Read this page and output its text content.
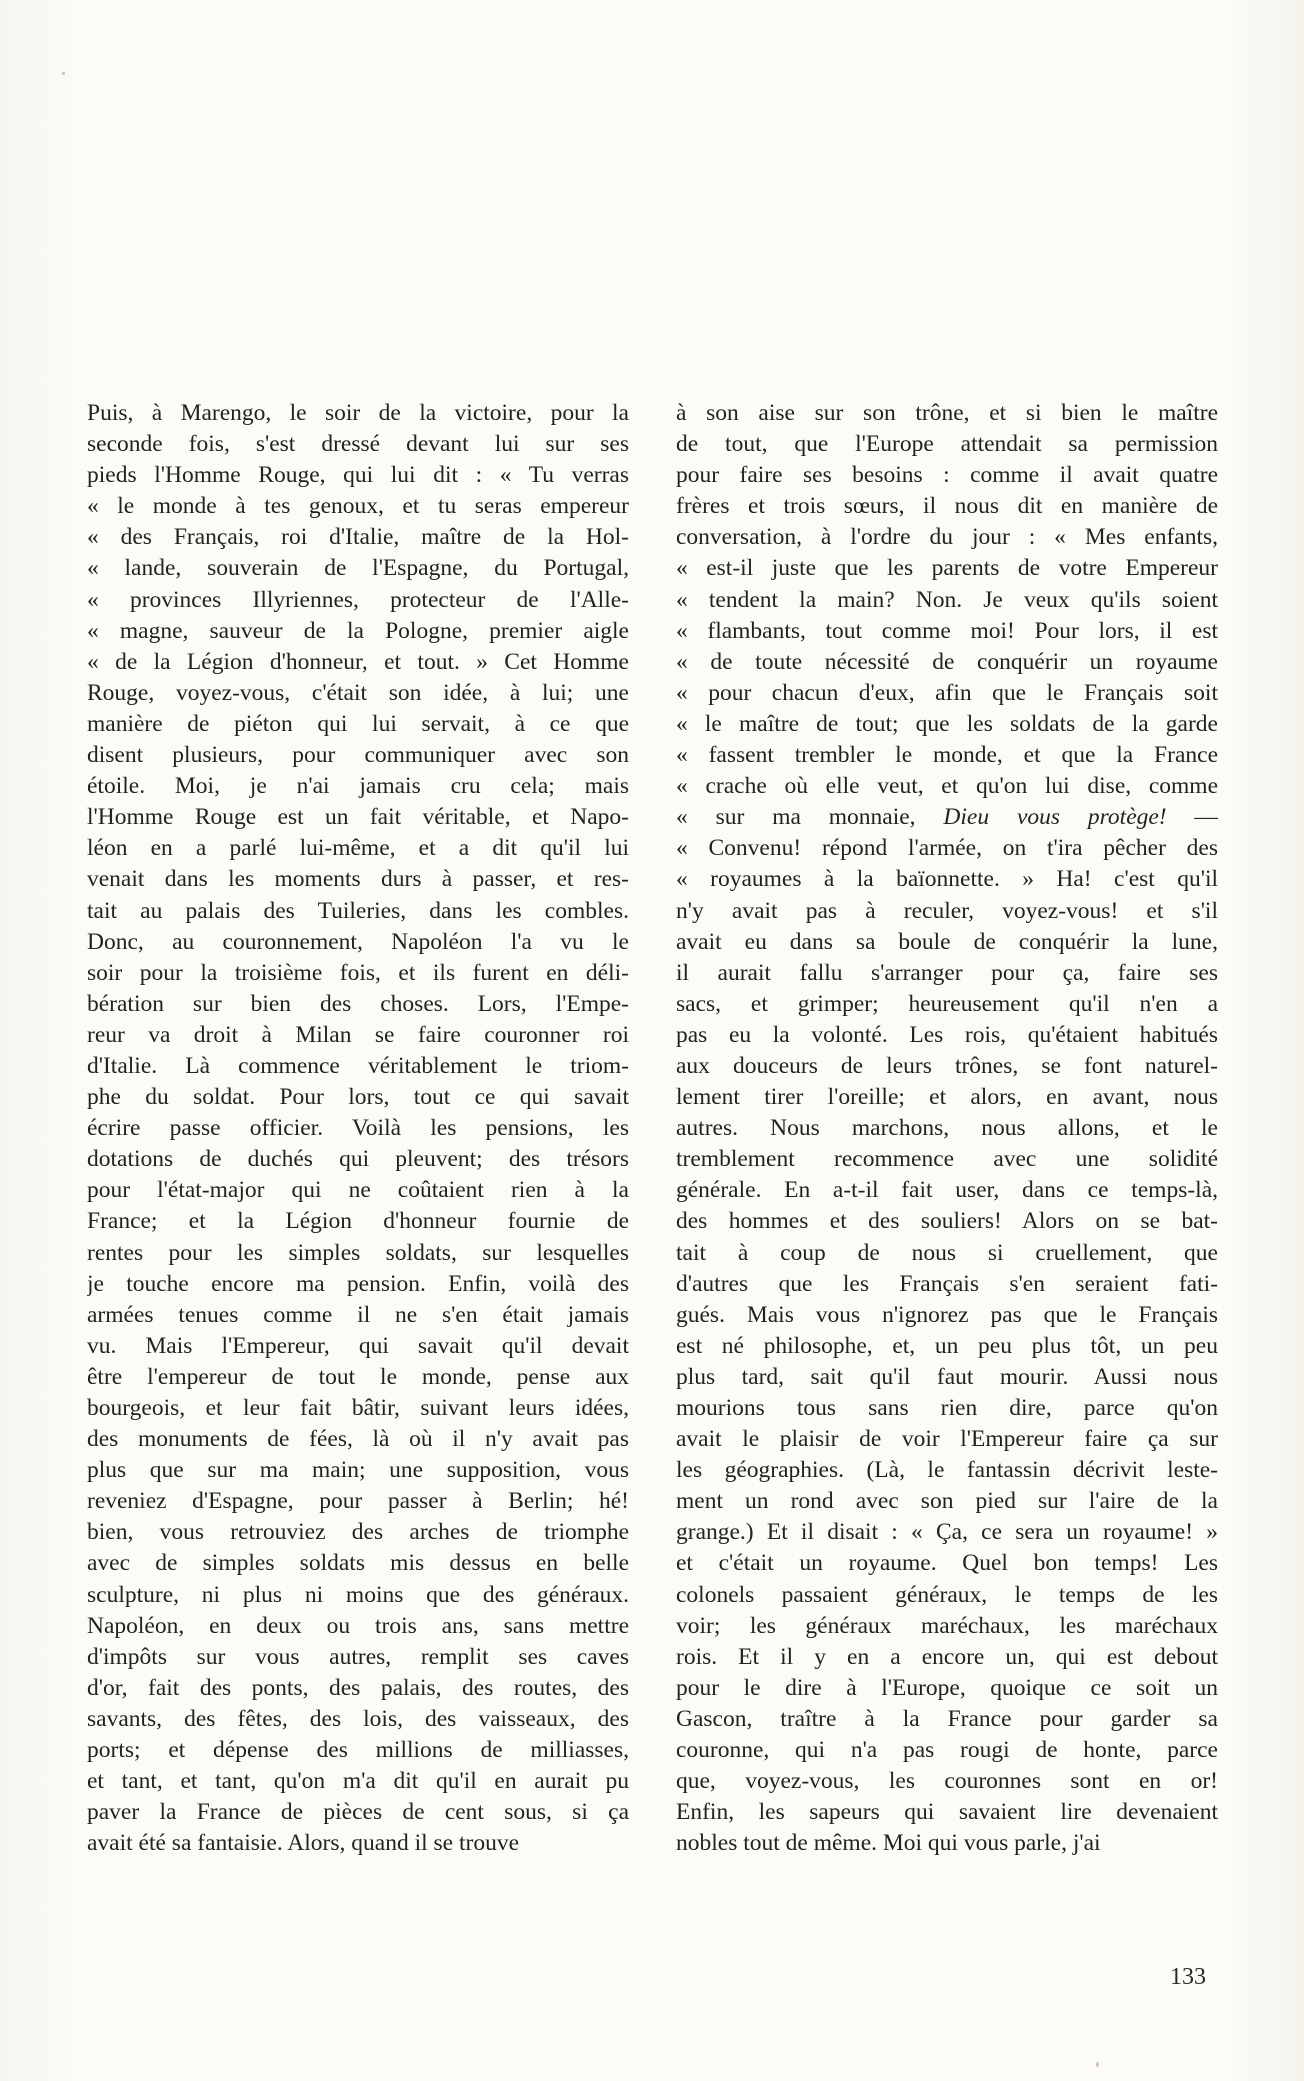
Puis, à Marengo, le soir de la victoire, pour la
seconde fois, s'est dressé devant lui sur ses
pieds l'Homme Rouge, qui lui dit : « Tu verras
« le monde à tes genoux, et tu seras empereur
« des Français, roi d'Italie, maître de la Hol-
« lande, souverain de l'Espagne, du Portugal,
« provinces Illyriennes, protecteur de l'Alle-
« magne, sauveur de la Pologne, premier aigle
« de la Légion d'honneur, et tout. » Cet Homme
Rouge, voyez-vous, c'était son idée, à lui; une
manière de piéton qui lui servait, à ce que
disent plusieurs, pour communiquer avec son
étoile. Moi, je n'ai jamais cru cela; mais
l'Homme Rouge est un fait véritable, et Napo-
léon en a parlé lui-même, et a dit qu'il lui
venait dans les moments durs à passer, et res-
tait au palais des Tuileries, dans les combles.
Donc, au couronnement, Napoléon l'a vu le
soir pour la troisième fois, et ils furent en déli-
bération sur bien des choses. Lors, l'Empe-
reur va droit à Milan se faire couronner roi
d'Italie. Là commence véritablement le triom-
phe du soldat. Pour lors, tout ce qui savait
écrire passe officier. Voilà les pensions, les
dotations de duchés qui pleuvent; des trésors
pour l'état-major qui ne coûtaient rien à la
France; et la Légion d'honneur fournie de
rentes pour les simples soldats, sur lesquelles
je touche encore ma pension. Enfin, voilà des
armées tenues comme il ne s'en était jamais
vu. Mais l'Empereur, qui savait qu'il devait
être l'empereur de tout le monde, pense aux
bourgeois, et leur fait bâtir, suivant leurs idées,
des monuments de fées, là où il n'y avait pas
plus que sur ma main; une supposition, vous
reveniez d'Espagne, pour passer à Berlin; hé!
bien, vous retrouviez des arches de triomphe
avec de simples soldats mis dessus en belle
sculpture, ni plus ni moins que des généraux.
Napoléon, en deux ou trois ans, sans mettre
d'impôts sur vous autres, remplit ses caves
d'or, fait des ponts, des palais, des routes, des
savants, des fêtes, des lois, des vaisseaux, des
ports; et dépense des millions de milliasses,
et tant, et tant, qu'on m'a dit qu'il en aurait pu
paver la France de pièces de cent sous, si ça
avait été sa fantaisie. Alors, quand il se trouve
à son aise sur son trône, et si bien le maître
de tout, que l'Europe attendait sa permission
pour faire ses besoins : comme il avait quatre
frères et trois sœurs, il nous dit en manière de
conversation, à l'ordre du jour : « Mes enfants,
« est-il juste que les parents de votre Empereur
« tendent la main? Non. Je veux qu'ils soient
« flambants, tout comme moi! Pour lors, il est
« de toute nécessité de conquérir un royaume
« pour chacun d'eux, afin que le Français soit
« le maître de tout; que les soldats de la garde
« fassent trembler le monde, et que la France
« crache où elle veut, et qu'on lui dise, comme
« sur ma monnaie, Dieu vous protège! —
« Convenu! répond l'armée, on t'ira pêcher des
« royaumes à la baïonnette. » Ha! c'est qu'il
n'y avait pas à reculer, voyez-vous! et s'il
avait eu dans sa boule de conquérir la lune,
il aurait fallu s'arranger pour ça, faire ses
sacs, et grimper; heureusement qu'il n'en a
pas eu la volonté. Les rois, qu'étaient habitués
aux douceurs de leurs trônes, se font naturel-
lement tirer l'oreille; et alors, en avant, nous
autres. Nous marchons, nous allons, et le
tremblement recommence avec une solidité
générale. En a-t-il fait user, dans ce temps-là,
des hommes et des souliers! Alors on se bat-
tait à coup de nous si cruellement, que
d'autres que les Français s'en seraient fati-
gués. Mais vous n'ignorez pas que le Français
est né philosophe, et, un peu plus tôt, un peu
plus tard, sait qu'il faut mourir. Aussi nous
mourions tous sans rien dire, parce qu'on
avait le plaisir de voir l'Empereur faire ça sur
les géographies. (Là, le fantassin décrivit leste-
ment un rond avec son pied sur l'aire de la
grange.) Et il disait : « Ça, ce sera un royaume! »
et c'était un royaume. Quel bon temps! Les
colonels passaient généraux, le temps de les
voir; les généraux maréchaux, les maréchaux
rois. Et il y en a encore un, qui est debout
pour le dire à l'Europe, quoique ce soit un
Gascon, traître à la France pour garder sa
couronne, qui n'a pas rougi de honte, parce
que, voyez-vous, les couronnes sont en or!
Enfin, les sapeurs qui savaient lire devenaient
nobles tout de même. Moi qui vous parle, j'ai
133
